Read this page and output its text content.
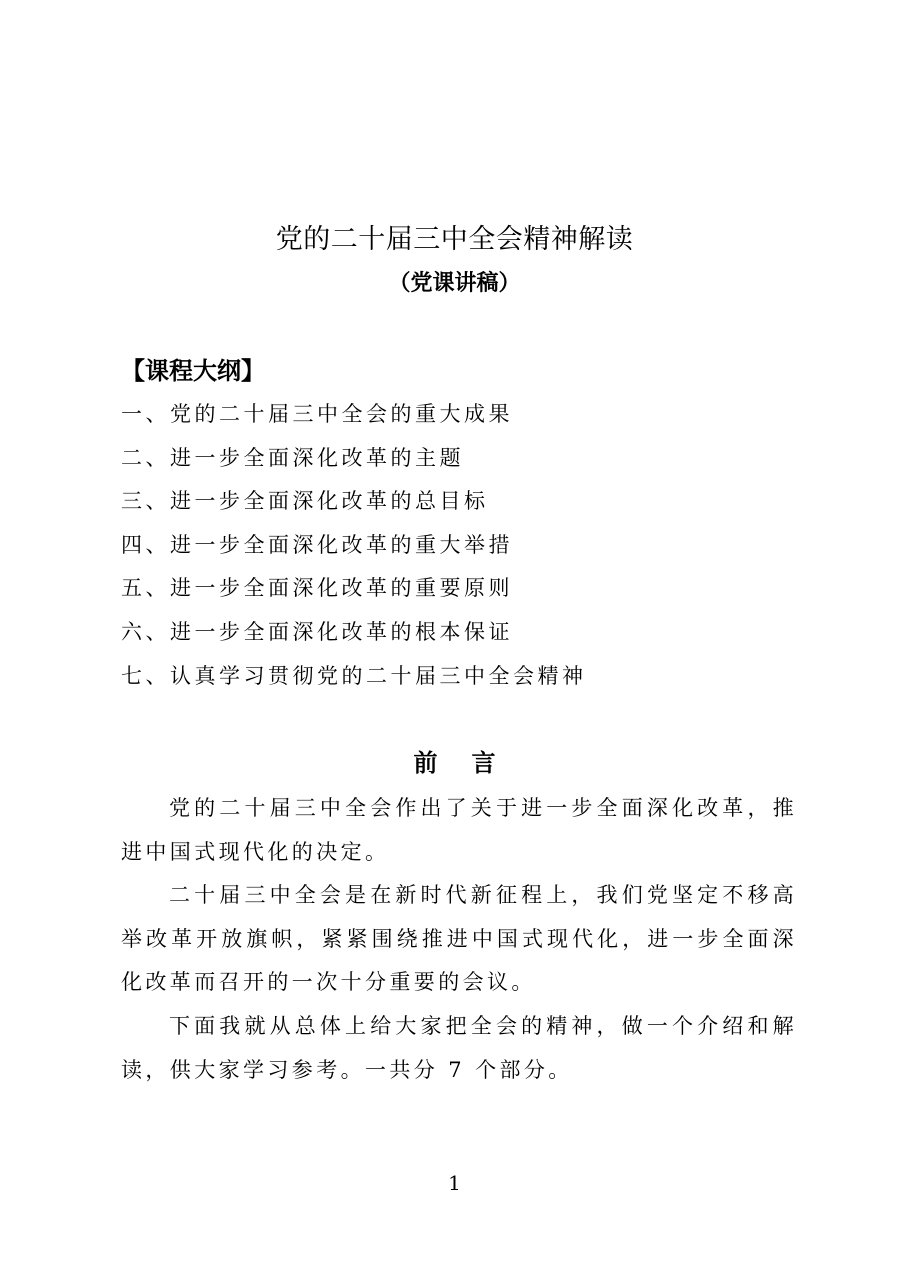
党的二十届三中全会精神解读
（党课讲稿）
【课程大纲】
一、党的二十届三中全会的重大成果
二、进一步全面深化改革的主题
三、进一步全面深化改革的总目标
四、进一步全面深化改革的重大举措
五、进一步全面深化改革的重要原则
六、进一步全面深化改革的根本保证
七、认真学习贯彻党的二十届三中全会精神
前言

党的二十届三中全会作出了关于进一步全面深化改革，推进中国式现代化的决定。

二十届三中全会是在新时代新征程上，我们党坚定不移高举改革开放旗帜，紧紧围绕推进中国式现代化，进一步全面深化改革而召开的一次十分重要的会议。

下面我就从总体上给大家把全会的精神，做一个介绍和解读，供大家学习参考。一共分 7 个部分。

1
